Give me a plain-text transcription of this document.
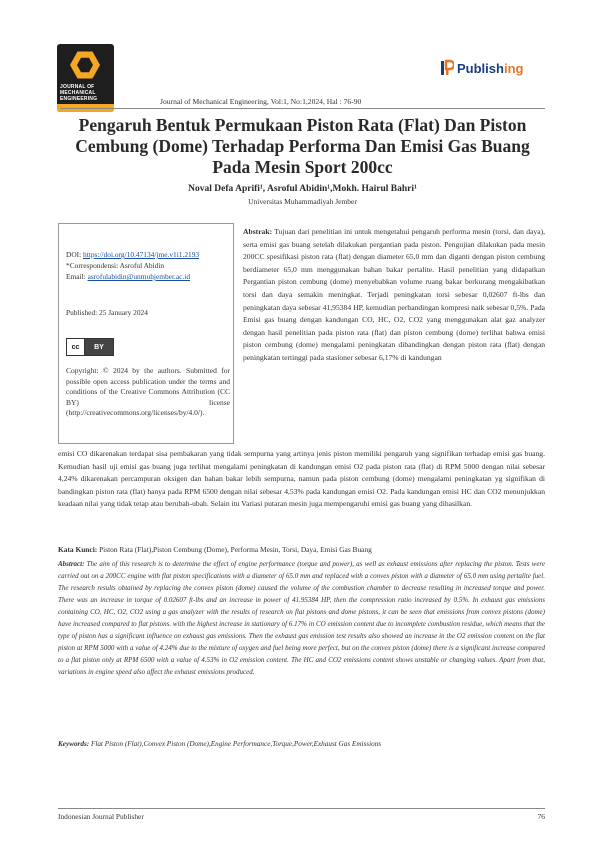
JOURNAL OF MECHANICAL ENGINEERING
Publishing
Journal of Mechanical Engineering, Vol:1, No:1,2024, Hal : 76-90
Pengaruh Bentuk Permukaan Piston Rata (Flat) Dan Piston Cembung (Dome) Terhadap Performa Dan Emisi Gas Buang Pada Mesin Sport 200cc
Noval Defa Aprifi¹, Asroful Abidin¹,Mokh. Hairul Bahri¹
Universitas Muhammadiyah Jember
DOI: https://doi.org/10.47134/jme.v1i1.2193
*Correspondensi: Asroful Abidin
Email: asrofulabidin@unmuhjember.ac.id
Published: 25 January 2024
cc	BY
Copyright: © 2024 by the authors. Submitted for possible open access publication under the terms and conditions of the Creative Commons Attribution (CC BY) license (http://creativecommons.org/licenses/by/4.0/).
Abstrak: Tujuan dari penelitian ini untuk mengetahui pengaruh performa mesin (torsi, dan daya), serta emisi gas buang setelah dilakukan pergantian pada piston. Pengujian dilakukan pada mesin 200CC spesifikasi piston rata (flat) dengan diameter 65,0 mm dan diganti dengan piston cembung berdiameter 65,0 mm menggunakan bahan bakar pertalite. Hasil penelitian yang didapatkan Pergantian piston cembung (dome) menyebabkan volume ruang bakar berkurang mengakibatkan torsi dan daya semakin meningkat. Terjadi peningkatan torsi sebesar 0,02607 ft-lbs dan peningkatan daya sebesar 41,95384 HP, kemudian perbandingan kompresi naik sebesar 0,5%. Pada Emisi gas buang dengan kandungan CO, HC, O2, CO2 yang menggunakan alat gaz analyzer dengan hasil penelitian pada piston rata (flat) dan piston cembung (dome) terlihat bahwa emisi piston cembung (dome) mengalami peningkatan dibandingkan dengan piston rata (flat) dengan peningkatan tertinggi pada stasioner sebesar 6,17% di kandungan
emisi CO dikarenakan terdapat sisa pembakaran yang tidak sempurna yang artinya jenis piston memiliki pengaruh yang signifikan terhadap emisi gas buang. Kemudian hasil uji emisi gas buang juga terlihat mengalami peningkatan di kandungan emisi O2 pada piston rata (flat) di RPM 5000 dengan nilai sebesar 4,24% dikarenakan percampuran oksigen dan bahan bakar lebih sempurna, namun pada piston cembung (dome) mengalami peningkatan yg signifikan di bandingkan piston rata (flat) hanya pada RPM 6500 dengan nilai sebesar 4,53% pada kandungan emisi O2. Pada kandungan emisi HC dan CO2 menunjukkan keadaan nilai yang tidak tetap atau berubah-ubah. Selain itu Variasi putaran mesin juga mempengaruhi emisi gas buang yang dihasilkan.
Kata Kunci: Piston Rata (Flat),Piston Cembung (Dome), Performa Mesin, Torsi, Daya, Emisi Gas Buang
Abstract: The aim of this research is to determine the effect of engine performance (torque and power), as well as exhaust emissions after replacing the piston. Tests were carried out on a 200CC engine with flat piston specifications with a diameter of 65.0 mm and replaced with a convex piston with a diameter of 65.0 mm using pertalite fuel. The research results obtained by replacing the convex piston (dome) caused the volume of the combustion chamber to decrease resulting in increased torque and power. There was an increase in torque of 0.02607 ft-lbs and an increase in power of 41.95384 HP, then the compression ratio increased by 0.5%. In exhaust gas emissions containing CO, HC, O2, CO2 using a gas analyzer with the results of research on flat pistons and dome pistons, it can be seen that emissions from convex pistons (dome) have increased compared to flat pistons. with the highest increase in stationary of 6.17% in CO emission content due to incomplete combustion residue, which means that the type of piston has a significant influence on exhaust gas emissions. Then the exhaust gas emission test results also showed an increase in the O2 emission content on the flat piston at RPM 5000 with a value of 4.24% due to the mixture of oxygen and fuel being more perfect, but on the convex piston (dome) there is a significant increase compared to a flat piston only at RPM 6500 with a value of 4.53% in O2 emission content. The HC and CO2 emissions content shows unstable or changing values. Apart from that, variations in engine speed also affect the exhaust emissions produced.
Keywords: Flat Piston (Flat),Convex Piston (Dome),Engine Performance,Torque,Power,Exhaust Gas Emissions
Indonesian Journal Publisher	76
